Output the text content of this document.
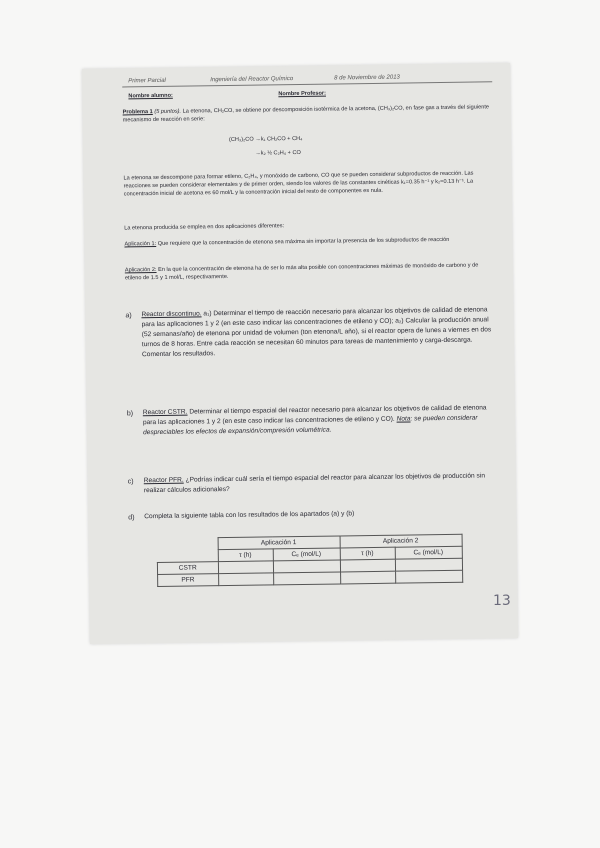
Primer Parcial	Ingeniería del Reactor Químico	8 de Noviembre de 2013
Nombre alumno:	Nombre Profesor:
Problema 1 (5 puntos). La etenona, CH₂CO, se obtiene por descomposición isotérmica de la acetona, (CH₃)₂CO, en fase gas a través del siguiente mecanismo de reacción en serie:
(CH₃)₂CO →k₁ CH₂CO + CH₄
→k₂ ½ C₂H₄ + CO
La etenona se descompone para formar etileno, C₂H₄, y monóxido de carbono, CO que se pueden considerar subproductos de reacción. Las reacciones se pueden considerar elementales y de primer orden, siendo los valores de las constantes cinéticas k₁=0.35 h⁻¹ y k₂=0.13 h⁻¹. La concentración inicial de acetona es 60 mol/L y la concentración inicial del resto de componentes es nula.
La etenona producida se emplea en dos aplicaciones diferentes:
Aplicación 1: Que requiere que la concentración de etenona sea máxima sin importar la presencia de los subproductos de reacción
Aplicación 2: En la que la concentración de etenona ha de ser lo más alta posible con concentraciones máximas de monóxido de carbono y de etileno de 1.5 y 1 mol/L, respectivamente.
a) Reactor discontinuo. a₁) Determinar el tiempo de reacción necesario para alcanzar los objetivos de calidad de etenona para las aplicaciones 1 y 2 (en este caso indicar las concentraciones de etileno y CO); a₂) Calcular la producción anual (52 semanas/año) de etenona por unidad de volumen (ton etenona/L año), si el reactor opera de lunes a viernes en dos turnos de 8 horas. Entre cada reacción se necesitan 60 minutos para tareas de mantenimiento y carga-descarga. Comentar los resultados.
b) Reactor CSTR. Determinar el tiempo espacial del reactor necesario para alcanzar los objetivos de calidad de etenona para las aplicaciones 1 y 2 (en este caso indicar las concentraciones de etileno y CO). Nota: se pueden considerar despreciables los efectos de expansión/compresión volumétrica.
c) Reactor PFR. ¿Podrías indicar cuál sería el tiempo espacial del reactor para alcanzar los objetivos de producción sin realizar cálculos adicionales?
d) Completa la siguiente tabla con los resultados de los apartados (a) y (b)
	Aplicación 1		Aplicación 2	
	τ (h)	Cₑ (mol/L)	τ (h)	Cₑ (mol/L)
CSTR				
PFR				
13
